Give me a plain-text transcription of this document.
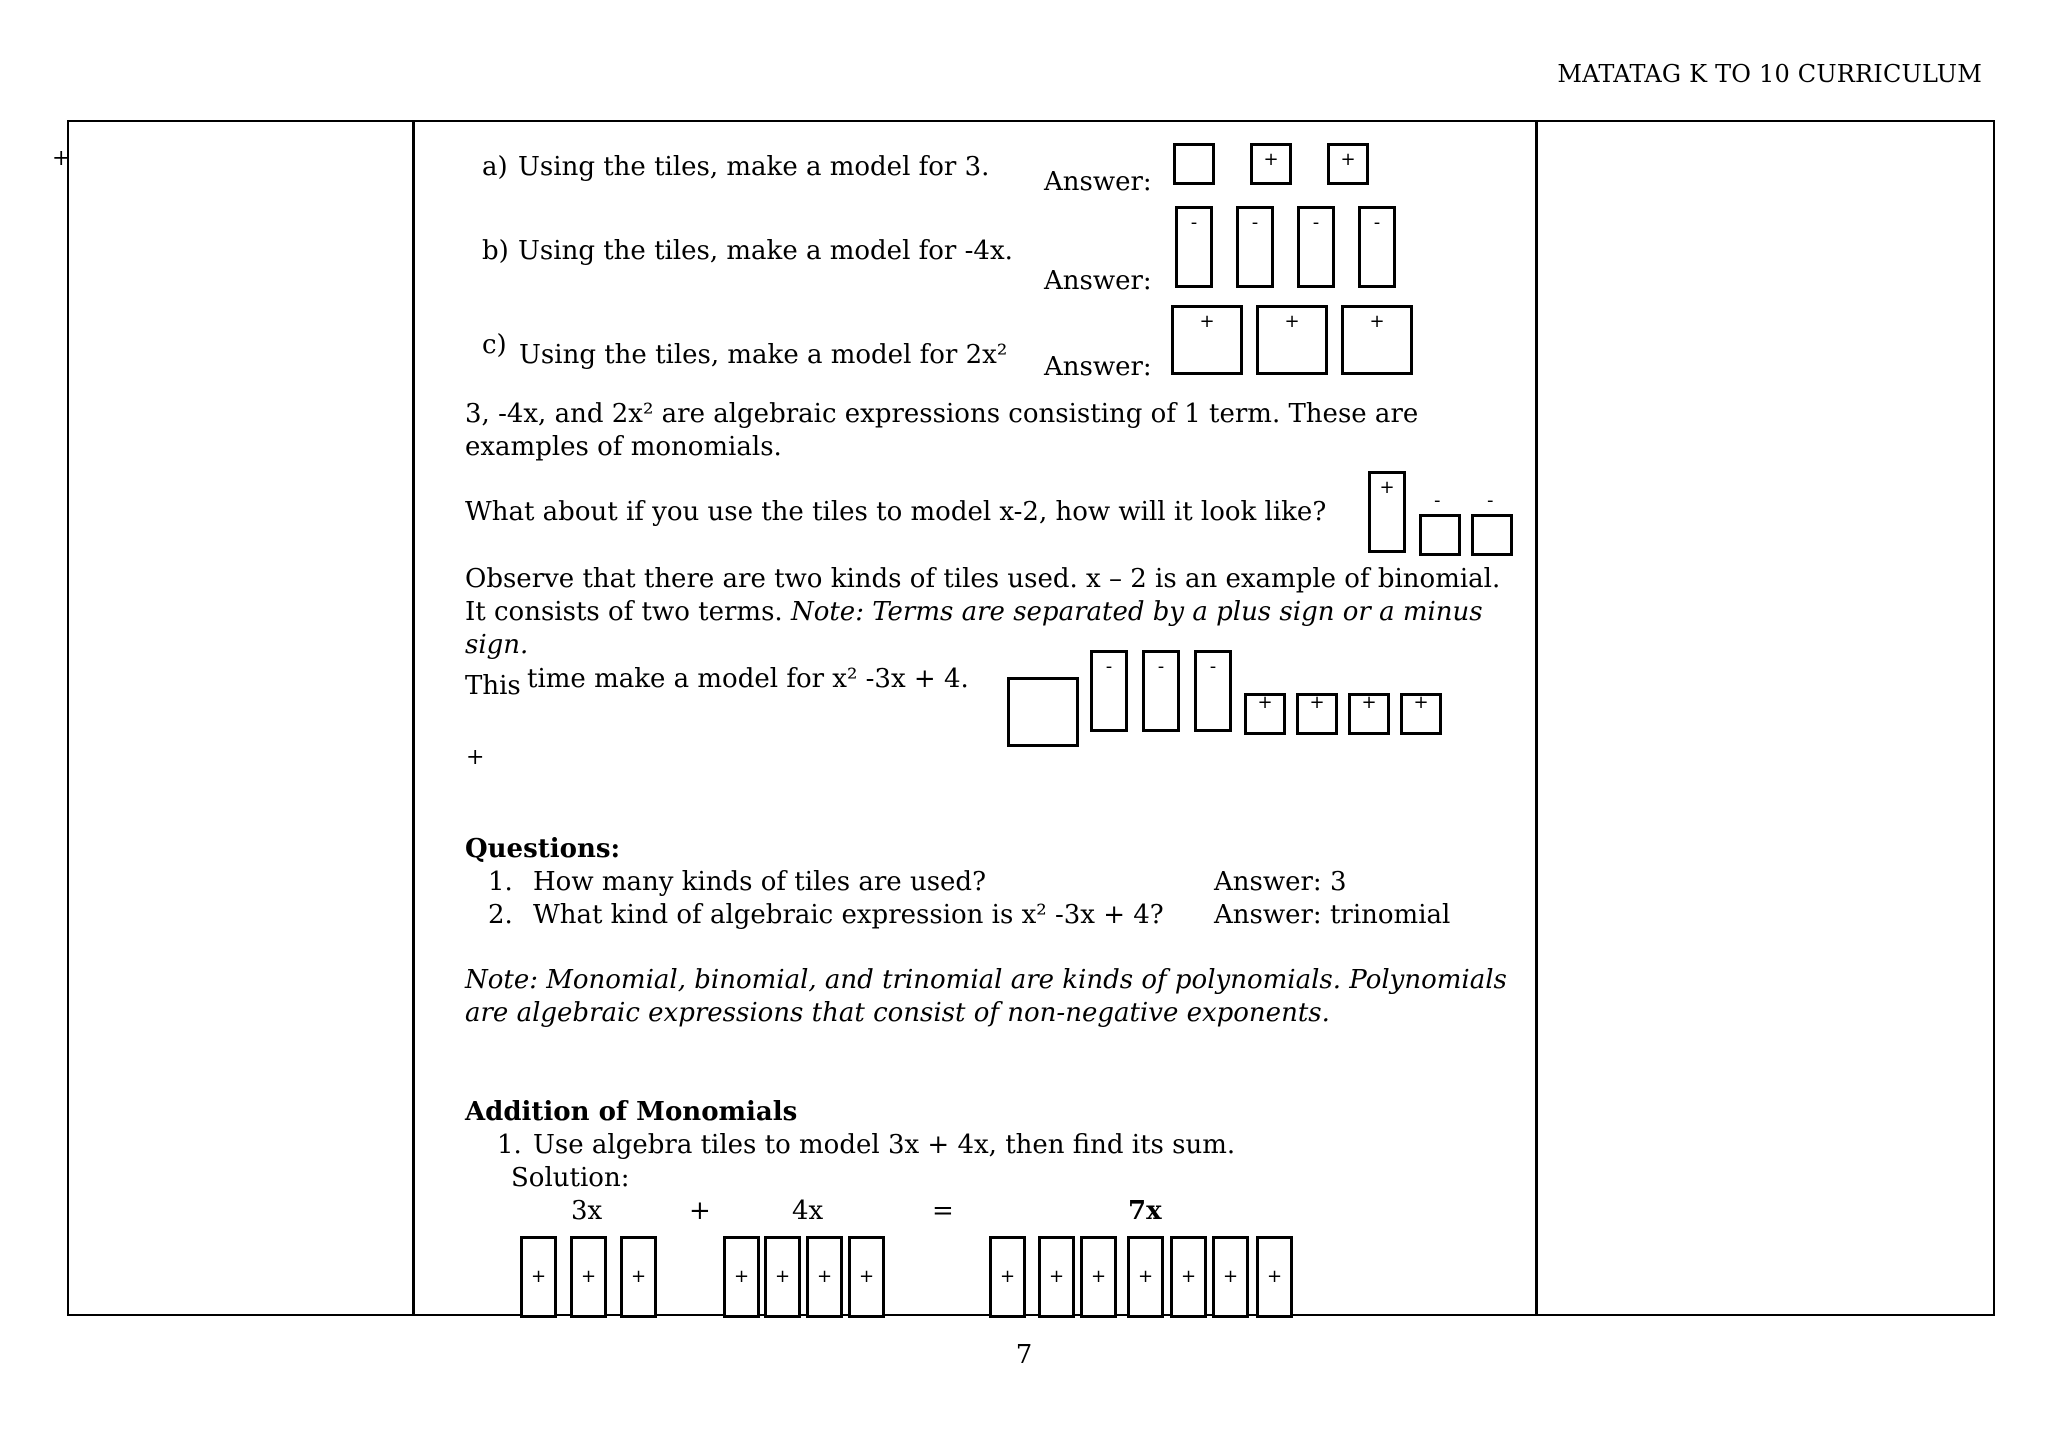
MATATAG K TO 10 CURRICULUM
+	a) Using the tiles, make a model for 3. Answer:
+	+
b) Using the tiles, make a model for -4x.
Answer:
-	-	-	-
c) Using the tiles, make a model for 2x² Answer:
+	+	+
3, -4x, and 2x² are algebraic expressions consisting of 1 term. These are examples of monomials.
What about if you use the tiles to model x-2, how will it look like?
+
-	-
Observe that there are two kinds of tiles used. x – 2 is an example of binomial. It consists of two terms. Note: Terms are separated by a plus sign or a minus sign.
This time make a model for x² -3x + 4.	-	-	-
+	+	+	+
+
Questions:
1. How many kinds of tiles are used?	Answer: 3
2. What kind of algebraic expression is x² -3x + 4? Answer: trinomial
Note: Monomial, binomial, and trinomial are kinds of polynomials. Polynomials are algebraic expressions that consist of non-negative exponents.
Addition of Monomials
1. Use algebra tiles to model 3x + 4x, then find its sum.
Solution:
3x	+	4x	=	7x
+	+	+	+	+	+	+	+	+	+	+	+	+	+
7
